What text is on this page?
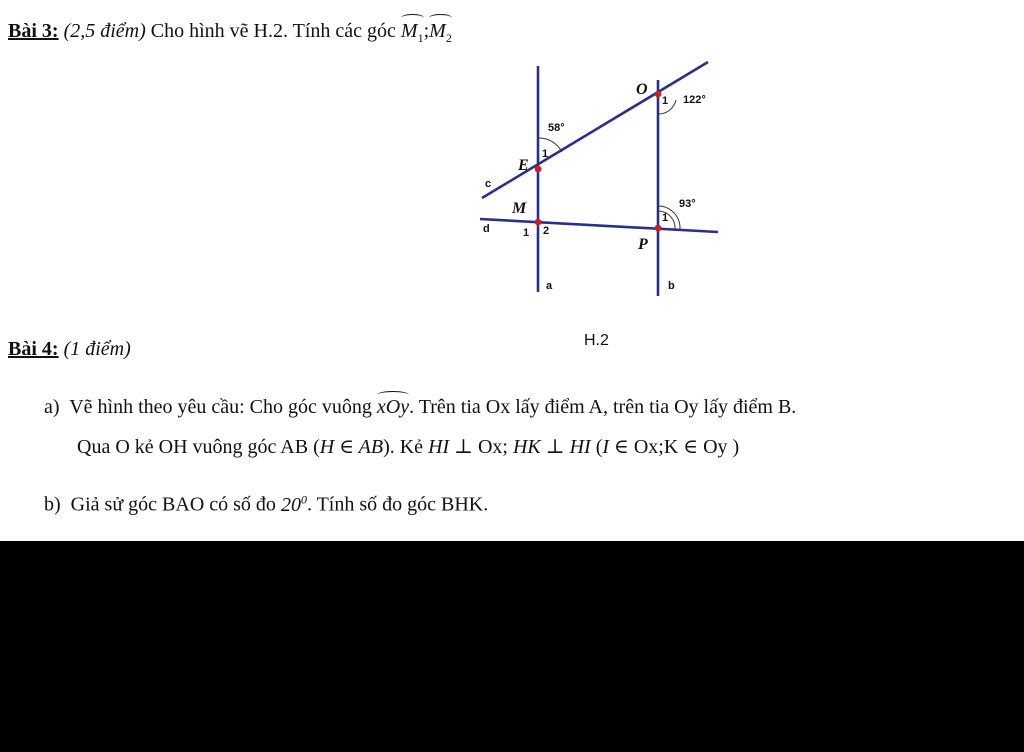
Bài 3: (2,5 điểm) Cho hình vẽ H.2. Tính các góc $M_1;M_2$
O
E
M
P
1 122°
58°
1
c
93°
1
d	1 2
a	b
H.2
Bài 4: (1 điểm)
a) Vẽ hình theo yêu cầu: Cho góc vuông xOy. Trên tia Ox lấy điểm A, trên tia Oy lấy điểm B.
Qua O kẻ OH vuông góc AB (H ∈ AB). Kẻ HI ⊥ Ox; HK ⊥ HI (I ∈ Ox;K ∈ Oy )
b) Giả sử góc BAO có số đo $20^0$. Tính số đo góc BHK.
